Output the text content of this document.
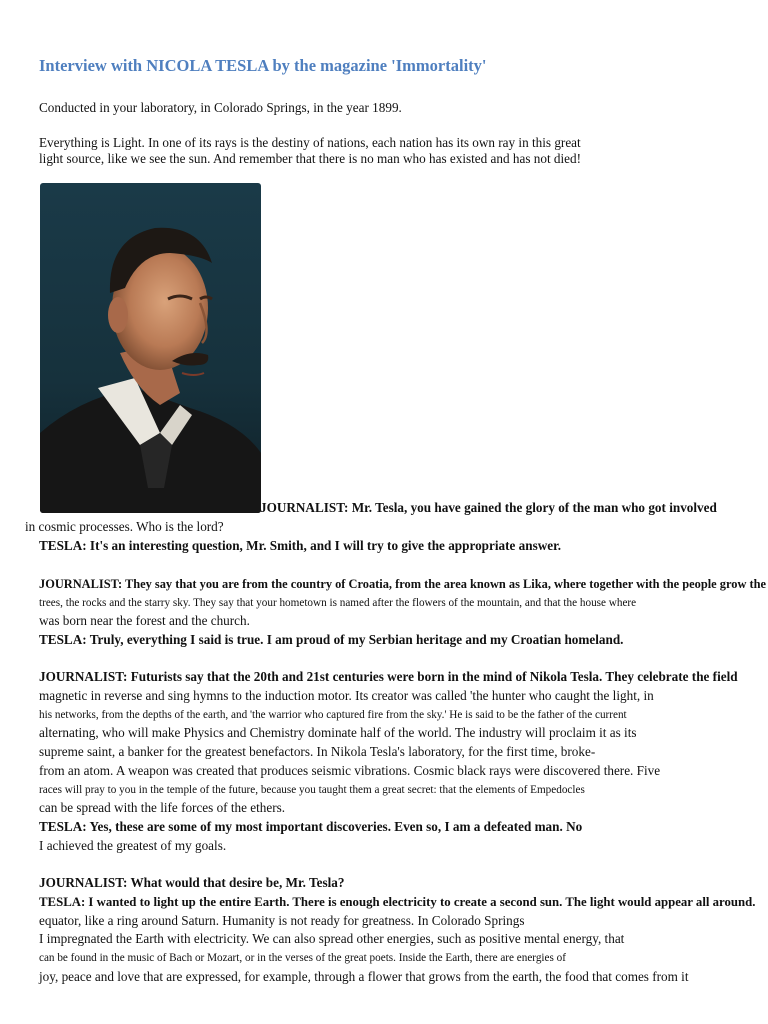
Interview with NICOLA TESLA by the magazine 'Immortality'
Conducted in your laboratory, in Colorado Springs, in the year 1899.
Everything is Light. In one of its rays is the destiny of nations, each nation has its own ray in this great
light source, like we see the sun. And remember that there is no man who has existed and has not died!
JOURNALIST: Mr. Tesla, you have gained the glory of the man who got involved
in cosmic processes. Who is the lord?
TESLA: It's an interesting question, Mr. Smith, and I will try to give the appropriate answer.
JOURNALIST: They say that you are from the country of Croatia, from the area known as Lika, where together with the people grow the
trees, the rocks and the starry sky. They say that your hometown is named after the flowers of the mountain, and that the house where
was born near the forest and the church.
TESLA: Truly, everything I said is true. I am proud of my Serbian heritage and my Croatian homeland.
JOURNALIST: Futurists say that the 20th and 21st centuries were born in the mind of Nikola Tesla. They celebrate the field
magnetic in reverse and sing hymns to the induction motor. Its creator was called 'the hunter who caught the light, in
his networks, from the depths of the earth, and 'the warrior who captured fire from the sky.' He is said to be the father of the current
alternating, who will make Physics and Chemistry dominate half of the world. The industry will proclaim it as its
supreme saint, a banker for the greatest benefactors. In Nikola Tesla's laboratory, for the first time, broke-
from an atom. A weapon was created that produces seismic vibrations. Cosmic black rays were discovered there. Five
races will pray to you in the temple of the future, because you taught them a great secret: that the elements of Empedocles
can be spread with the life forces of the ethers.
TESLA: Yes, these are some of my most important discoveries. Even so, I am a defeated man. No
I achieved the greatest of my goals.
JOURNALIST: What would that desire be, Mr. Tesla?
TESLA: I wanted to light up the entire Earth. There is enough electricity to create a second sun. The light would appear all around.
equator, like a ring around Saturn. Humanity is not ready for greatness. In Colorado Springs
I impregnated the Earth with electricity. We can also spread other energies, such as positive mental energy, that
can be found in the music of Bach or Mozart, or in the verses of the great poets. Inside the Earth, there are energies of
joy, peace and love that are expressed, for example, through a flower that grows from the earth, the food that comes from it
